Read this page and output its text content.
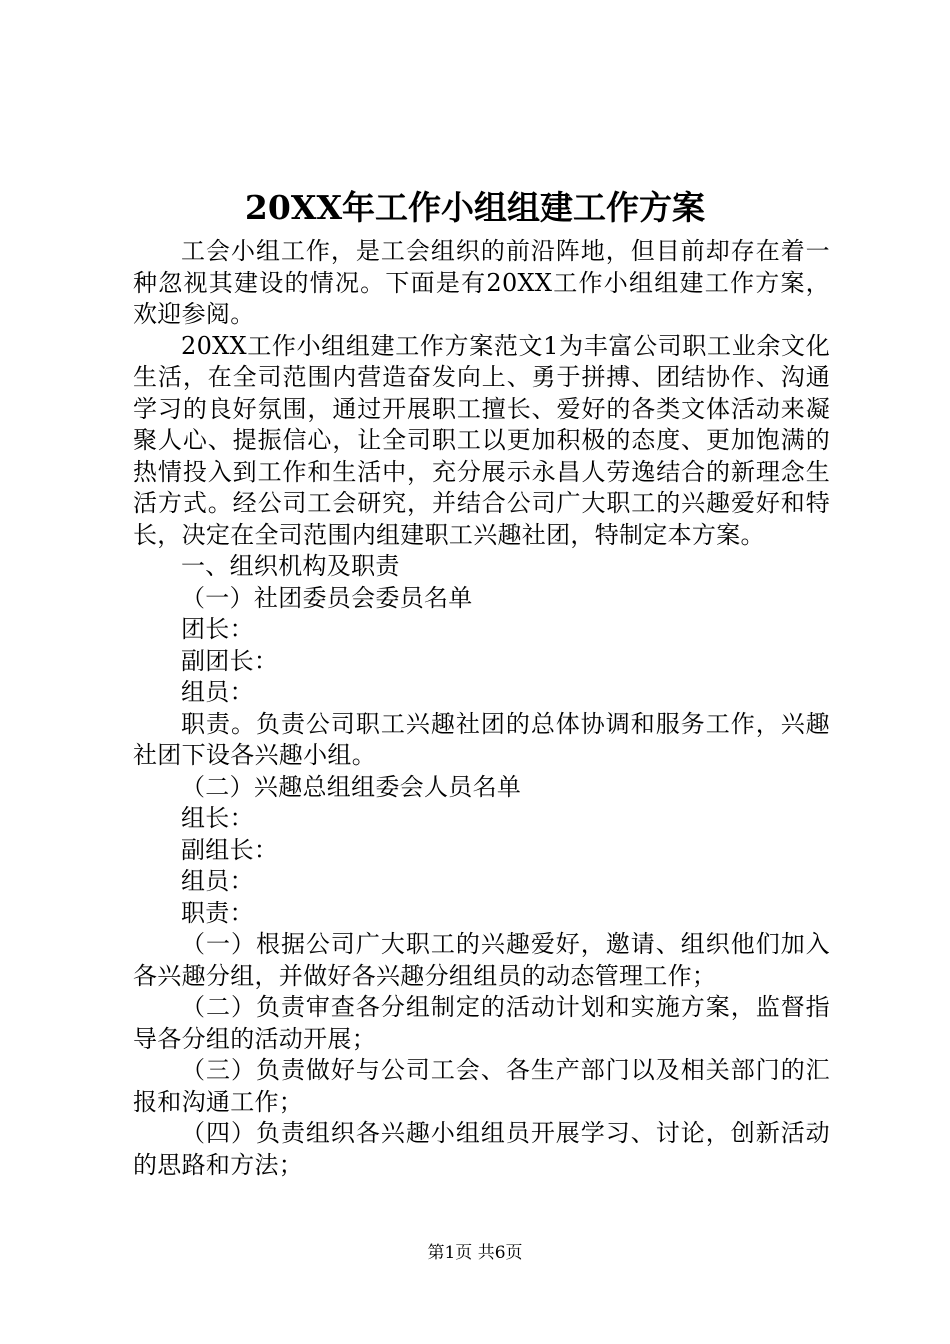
20XX年工作小组组建工作方案

工会小组工作，是工会组织的前沿阵地，但目前却存在着一种忽视其建设的情况。下面是有20XX工作小组组建工作方案，欢迎参阅。

20XX工作小组组建工作方案范文1为丰富公司职工业余文化生活，在全司范围内营造奋发向上、勇于拼搏、团结协作、沟通学习的良好氛围，通过开展职工擅长、爱好的各类文体活动来凝聚人心、提振信心，让全司职工以更加积极的态度、更加饱满的热情投入到工作和生活中，充分展示永昌人劳逸结合的新理念生活方式。经公司工会研究，并结合公司广大职工的兴趣爱好和特长，决定在全司范围内组建职工兴趣社团，特制定本方案。

一、组织机构及职责

（一）社团委员会委员名单

团长：

副团长：

组员：

职责。负责公司职工兴趣社团的总体协调和服务工作，兴趣社团下设各兴趣小组。

（二）兴趣总组组委会人员名单

组长：

副组长：

组员：

职责：

（一）根据公司广大职工的兴趣爱好，邀请、组织他们加入各兴趣分组，并做好各兴趣分组组员的动态管理工作；

（二）负责审查各分组制定的活动计划和实施方案，监督指导各分组的活动开展；

（三）负责做好与公司工会、各生产部门以及相关部门的汇报和沟通工作；

（四）负责组织各兴趣小组组员开展学习、讨论，创新活动的思路和方法；

第1页 共6页
